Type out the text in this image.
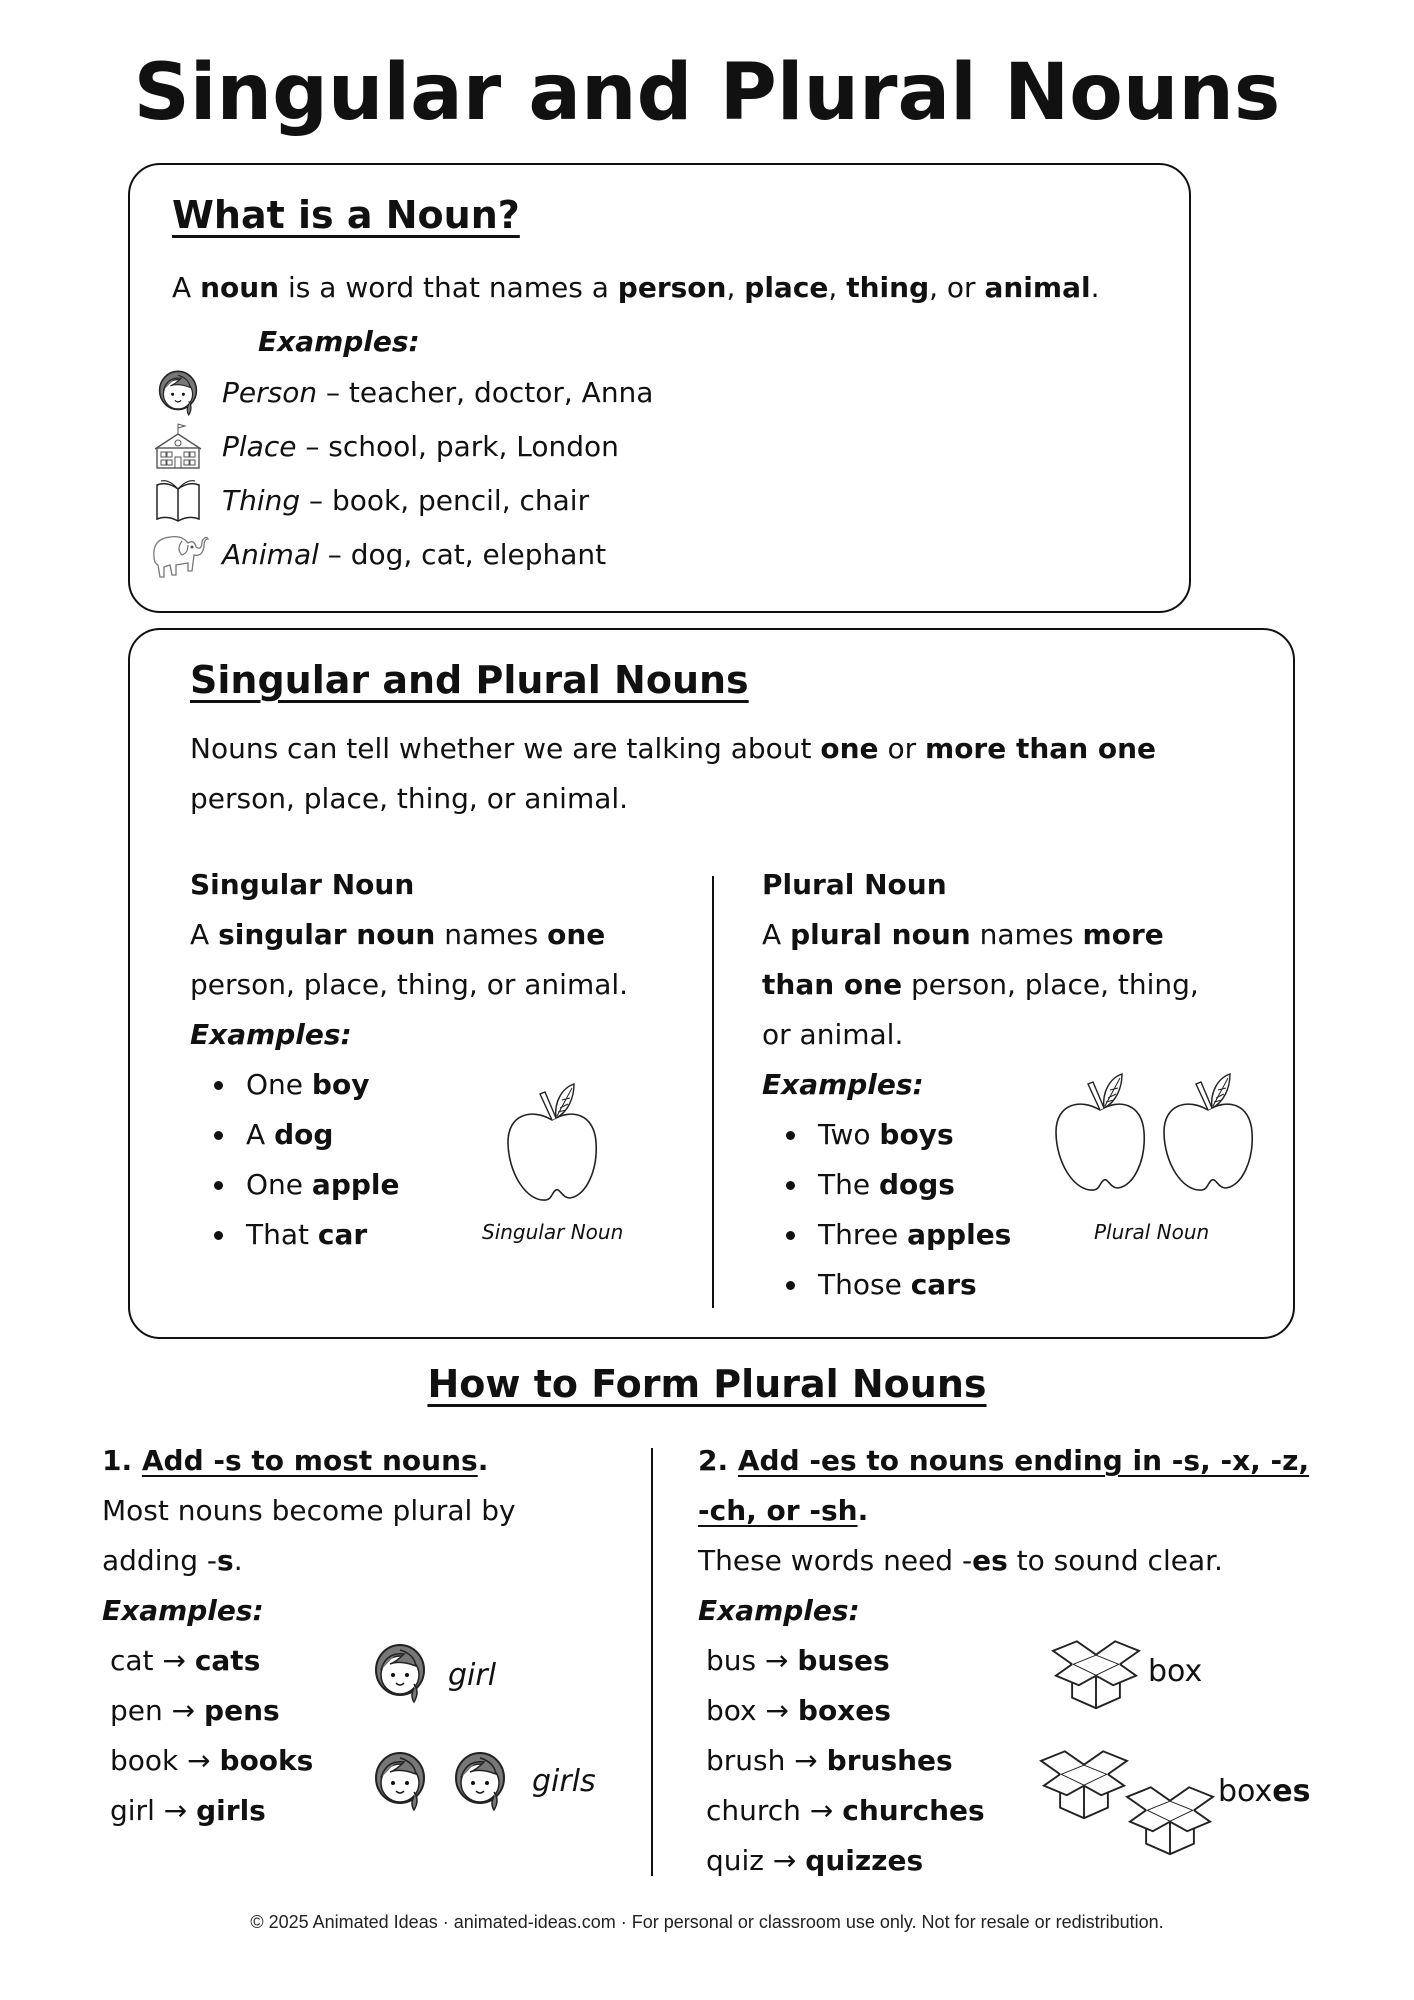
Singular and Plural Nouns
What is a Noun?
A noun is a word that names a person, place, thing, or animal.
Examples:
Person – teacher, doctor, Anna
Place – school, park, London
Thing – book, pencil, chair
Animal – dog, cat, elephant
Singular and Plural Nouns
Nouns can tell whether we are talking about one or more than one person, place, thing, or animal.
Singular Noun
A singular noun names one person, place, thing, or animal.
Examples:
One boy
A dog
One apple
That car	Singular Noun
Plural Noun
A plural noun names more than one person, place, thing, or animal.
Examples:
Two boys
The dogs
Three apples
Those cars
Plural Noun
How to Form Plural Nouns
1. Add -s to most nouns.
Most nouns become plural by adding -s.
Examples:
cat → cats
pen → pens
book → books
girl → girls
girl
girls
2. Add -es to nouns ending in -s, -x, -z, -ch, or -sh.
These words need -es to sound clear.
Examples:
bus → buses
box → boxes
brush → brushes
church → churches
quiz → quizzes
box
boxes
© 2025 Animated Ideas · animated-ideas.com · For personal or classroom use only. Not for resale or redistribution.
